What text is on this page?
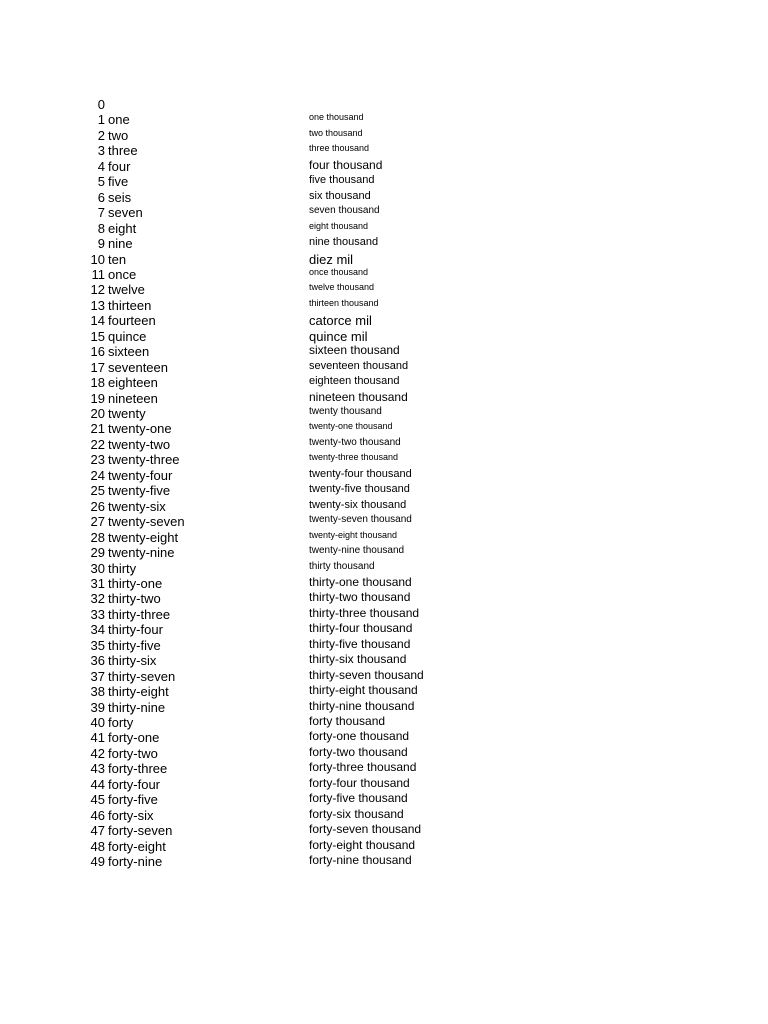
0
1 one	one thousand
2 two	two thousand
3 three	three thousand
4 four	four thousand
5 five	five thousand
6 seis	six thousand
7 seven	seven thousand
8 eight	eight thousand
9 nine	nine thousand
10 ten	diez mil
11 once	once thousand
12 twelve	twelve thousand
13 thirteen	thirteen thousand
14 fourteen	catorce mil
15 quince	quince mil
16 sixteen	sixteen thousand
17 seventeen	seventeen thousand
18 eighteen	eighteen thousand
19 nineteen	nineteen thousand
20 twenty	twenty thousand
21 twenty-one	twenty-one thousand
22 twenty-two	twenty-two thousand
23 twenty-three	twenty-three thousand
24 twenty-four	twenty-four thousand
25 twenty-five	twenty-five thousand
26 twenty-six	twenty-six thousand
27 twenty-seven	twenty-seven thousand
28 twenty-eight	twenty-eight thousand
29 twenty-nine	twenty-nine thousand
30 thirty	thirty thousand
31 thirty-one	thirty-one thousand
32 thirty-two	thirty-two thousand
33 thirty-three	thirty-three thousand
34 thirty-four	thirty-four thousand
35 thirty-five	thirty-five thousand
36 thirty-six	thirty-six thousand
37 thirty-seven	thirty-seven thousand
38 thirty-eight	thirty-eight thousand
39 thirty-nine	thirty-nine thousand
40 forty	forty thousand
41 forty-one	forty-one thousand
42 forty-two	forty-two thousand
43 forty-three	forty-three thousand
44 forty-four	forty-four thousand
45 forty-five	forty-five thousand
46 forty-six	forty-six thousand
47 forty-seven	forty-seven thousand
48 forty-eight	forty-eight thousand
49 forty-nine	forty-nine thousand
